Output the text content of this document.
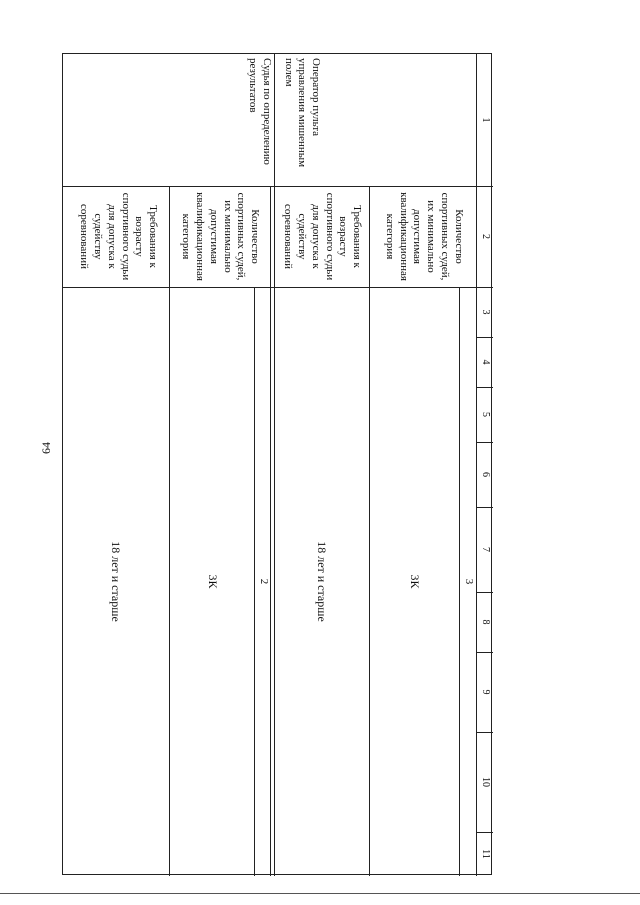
64
1
2
3
4
5
6
7
8
9
10
11
Оператор пульта управления мишенным полем
Судья по определению результатов
Количество спортивных судей, их минимально допустимая квалификационная категория
Требования к возрасту спортивного судьи для допуска к судейству соревнований
Количество спортивных судей, их минимально допустимая квалификационная категория
Требования к возрасту спортивного судьи для допуска к судейству соревнований
3
2	3К
18 лет и старше
3К
18 лет и старше
